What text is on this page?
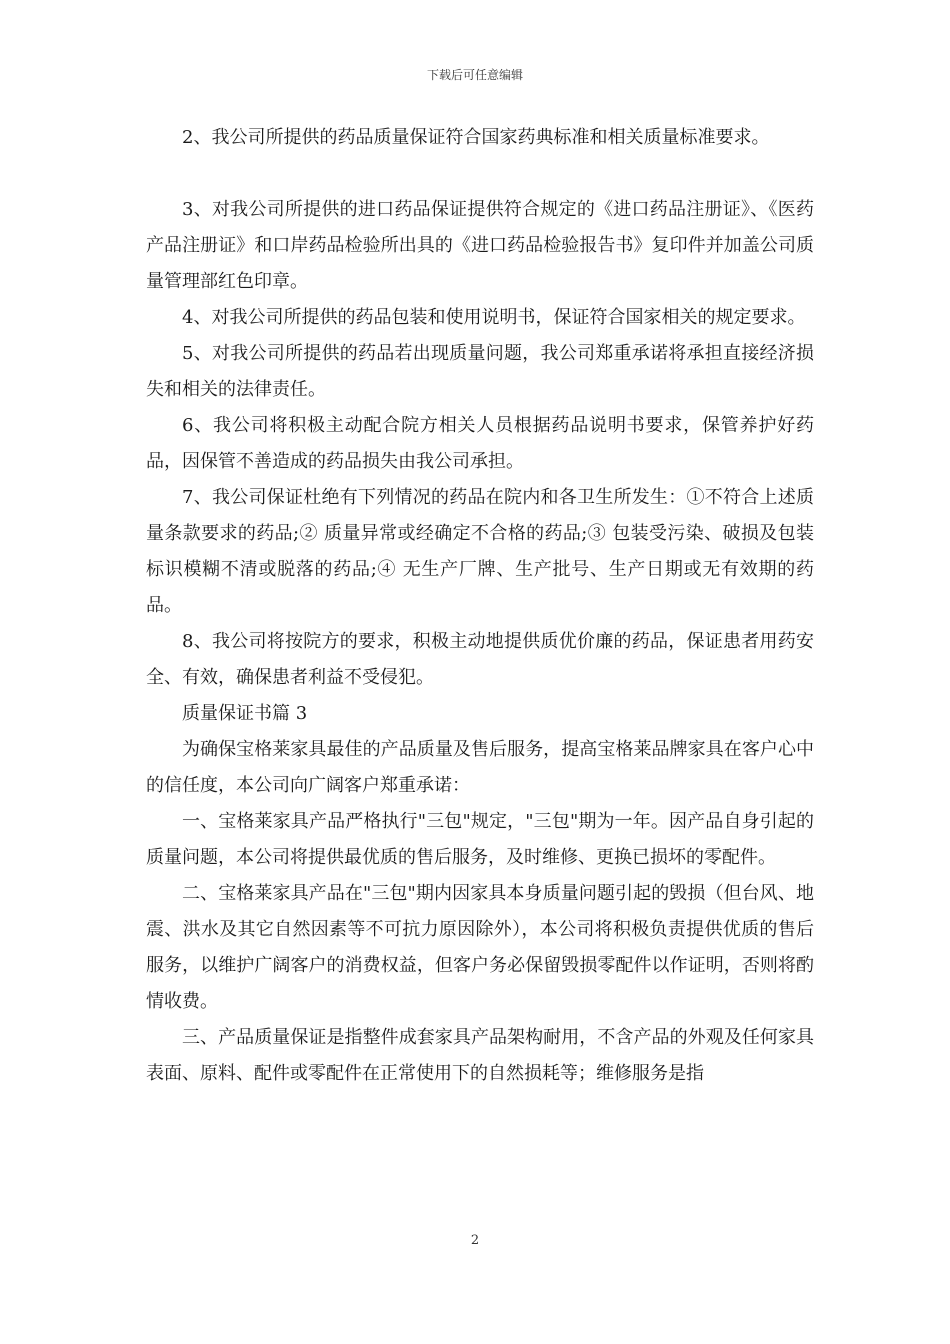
下载后可任意编辑

2、我公司所提供的药品质量保证符合国家药典标准和相关质量标准要求。

3、对我公司所提供的进口药品保证提供符合规定的《进口药品注册证》、《医药产品注册证》和口岸药品检验所出具的《进口药品检验报告书》复印件并加盖公司质量管理部红色印章。

4、对我公司所提供的药品包装和使用说明书，保证符合国家相关的规定要求。

5、对我公司所提供的药品若出现质量问题，我公司郑重承诺将承担直接经济损失和相关的法律责任。

6、我公司将积极主动配合院方相关人员根据药品说明书要求，保管养护好药品，因保管不善造成的药品损失由我公司承担。

7、我公司保证杜绝有下列情况的药品在院内和各卫生所发生：①不符合上述质量条款要求的药品;② 质量异常或经确定不合格的药品;③ 包装受污染、破损及包装标识模糊不清或脱落的药品;④ 无生产厂牌、生产批号、生产日期或无有效期的药品。

8、我公司将按院方的要求，积极主动地提供质优价廉的药品，保证患者用药安全、有效，确保患者利益不受侵犯。

质量保证书篇 3

为确保宝格莱家具最佳的产品质量及售后服务，提高宝格莱品牌家具在客户心中的信任度，本公司向广阔客户郑重承诺：

一、宝格莱家具产品严格执行"三包"规定，"三包"期为一年。因产品自身引起的质量问题，本公司将提供最优质的售后服务，及时维修、更换已损坏的零配件。

二、宝格莱家具产品在"三包"期内因家具本身质量问题引起的毁损（但台风、地震、洪水及其它自然因素等不可抗力原因除外），本公司将积极负责提供优质的售后服务，以维护广阔客户的消费权益，但客户务必保留毁损零配件以作证明，否则将酌情收费。

三、产品质量保证是指整件成套家具产品架构耐用，不含产品的外观及任何家具表面、原料、配件或零配件在正常使用下的自然损耗等；维修服务是指

2
